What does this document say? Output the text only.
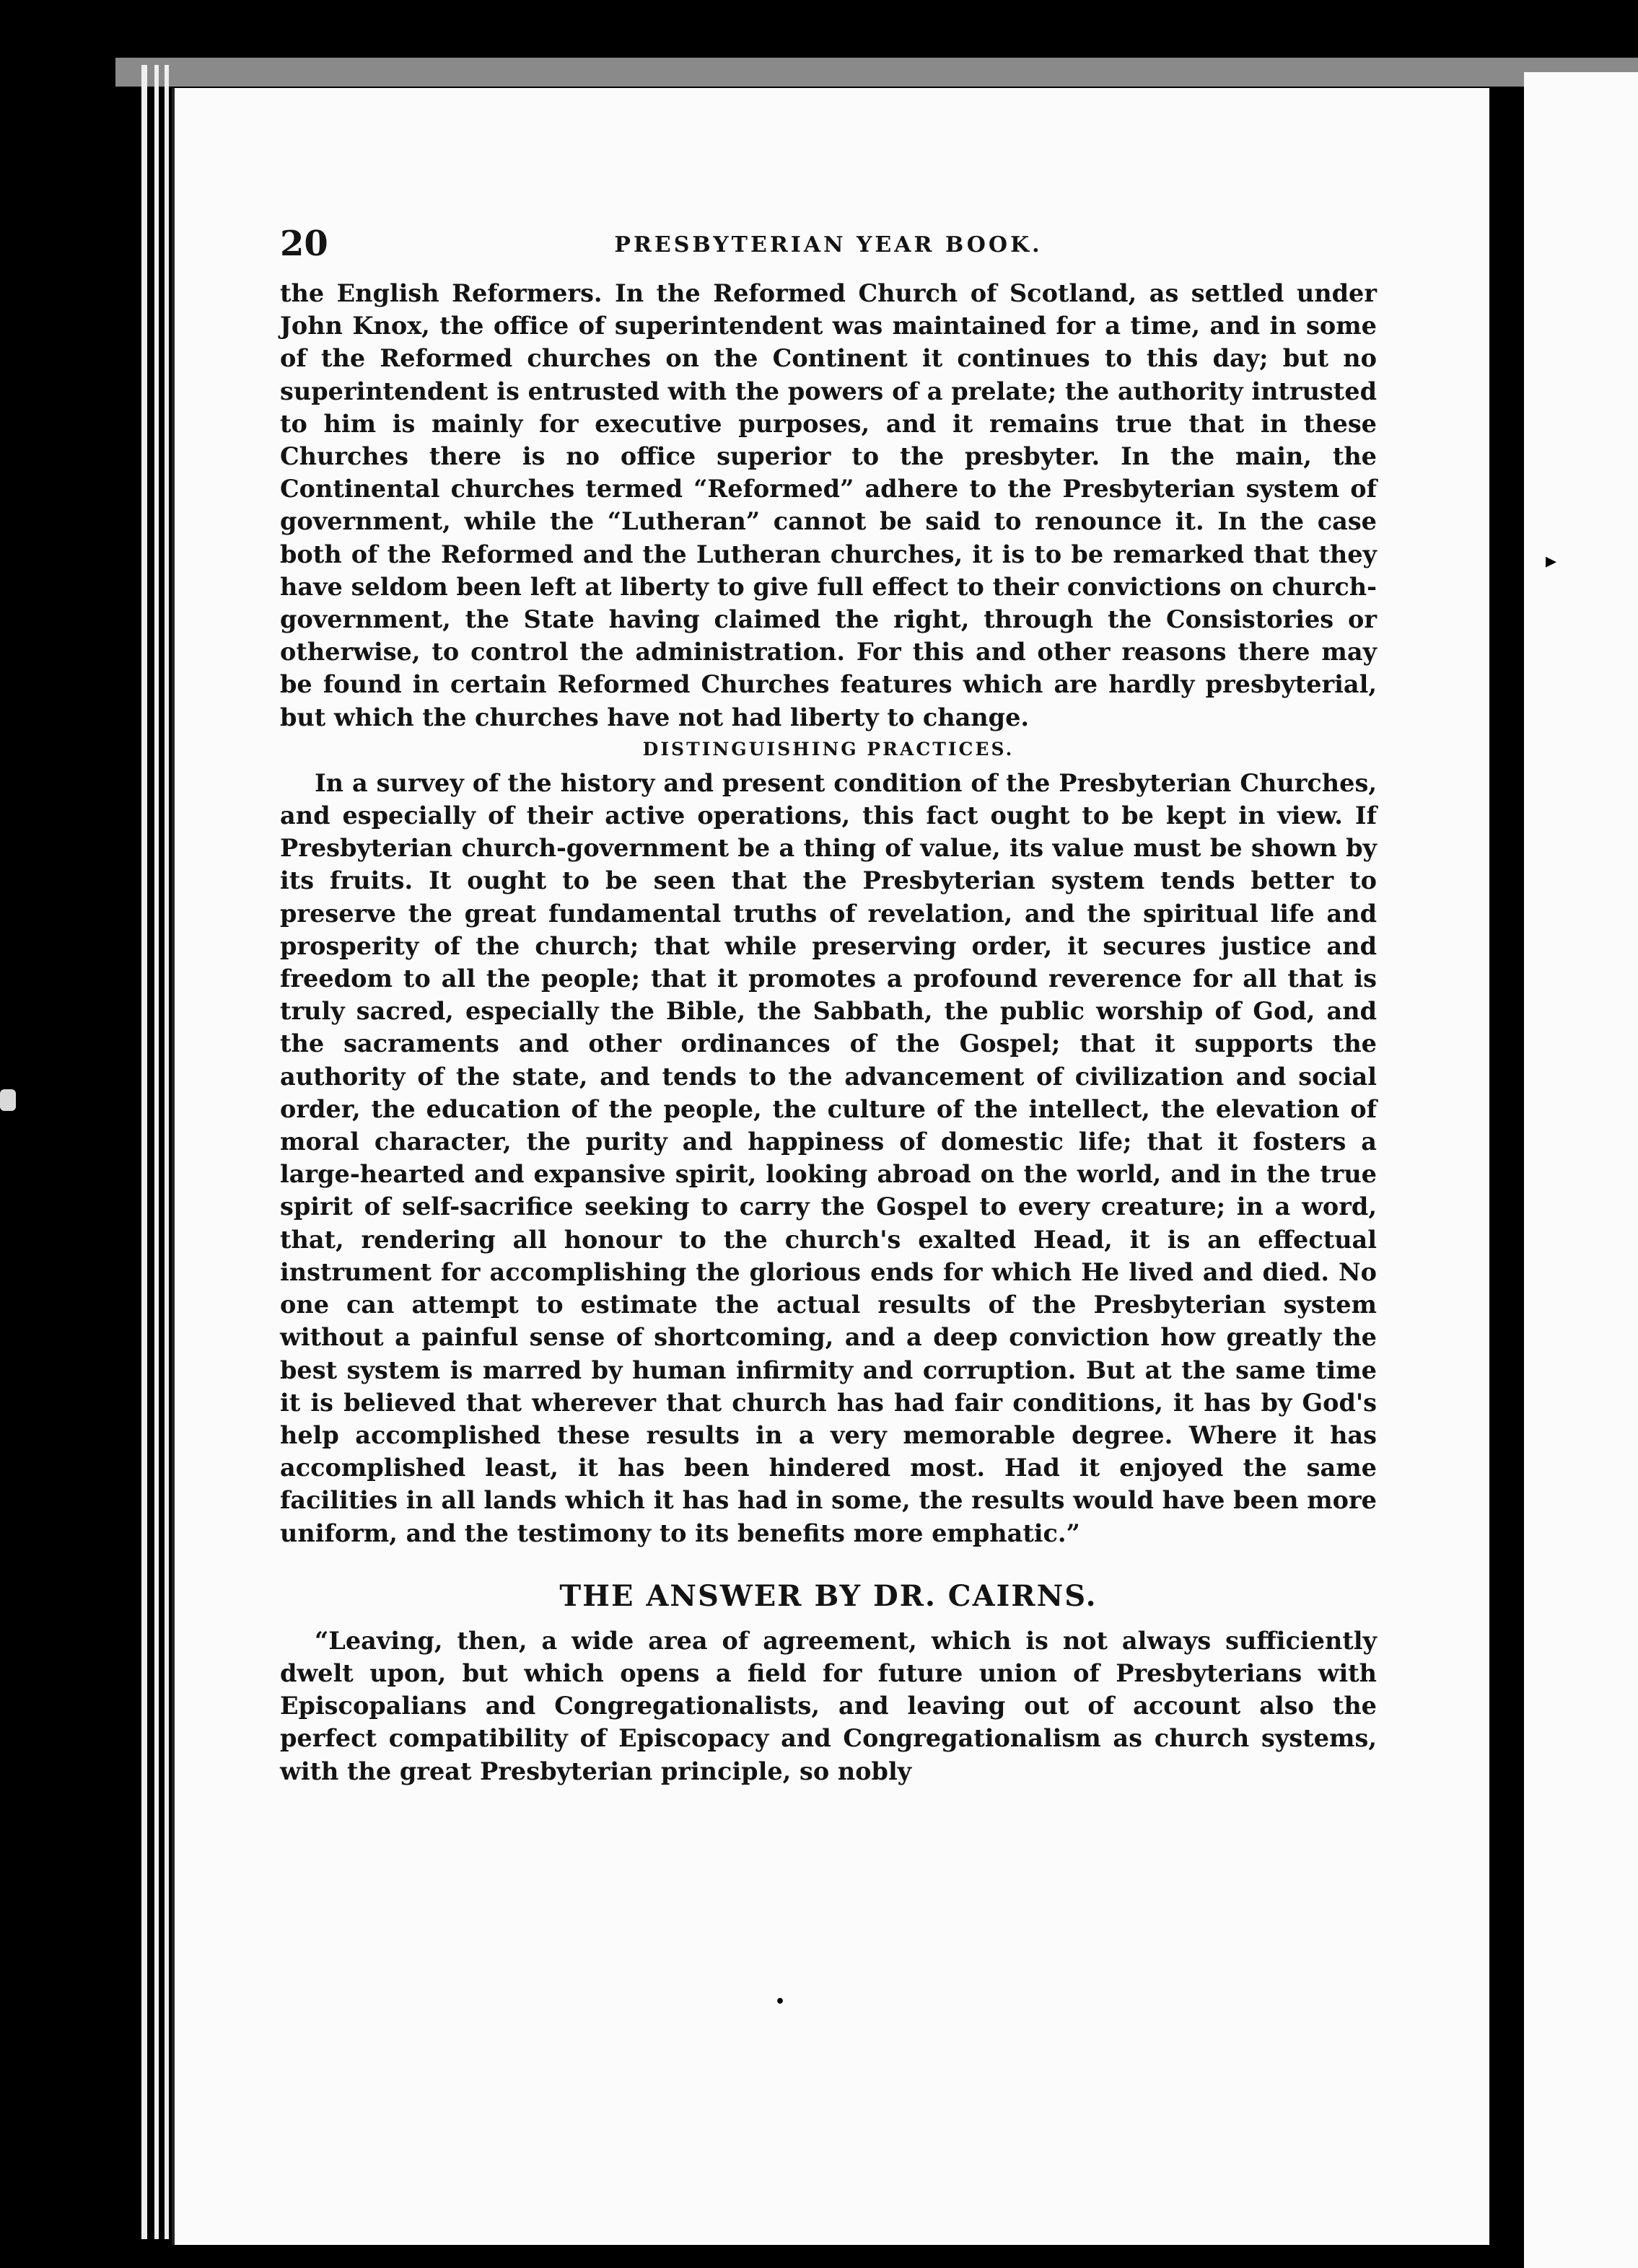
20	PRESBYTERIAN YEAR BOOK.

the English Reformers. In the Reformed Church of Scotland, as settled under John Knox, the office of superintendent was maintained for a time, and in some of the Reformed churches on the Continent it continues to this day; but no superintendent is entrusted with the powers of a prelate; the authority intrusted to him is mainly for executive purposes, and it remains true that in these Churches there is no office superior to the presbyter. In the main, the Continental churches termed “Reformed” adhere to the Presbyterian system of government, while the “Lutheran” cannot be said to renounce it. In the case both of the Reformed and the Lutheran churches, it is to be remarked that they have seldom been left at liberty to give full effect to their convictions on church-government, the State having claimed the right, through the Consistories or otherwise, to control the administration. For this and other reasons there may be found in certain Reformed Churches features which are hardly presbyterial, but which the churches have not had liberty to change.

DISTINGUISHING PRACTICES.

In a survey of the history and present condition of the Presbyterian Churches, and especially of their active operations, this fact ought to be kept in view. If Presbyterian church-government be a thing of value, its value must be shown by its fruits. It ought to be seen that the Presbyterian system tends better to preserve the great fundamental truths of revelation, and the spiritual life and prosperity of the church; that while preserving order, it secures justice and freedom to all the people; that it promotes a profound reverence for all that is truly sacred, especially the Bible, the Sabbath, the public worship of God, and the sacraments and other ordinances of the Gospel; that it supports the authority of the state, and tends to the advancement of civilization and social order, the education of the people, the culture of the intellect, the elevation of moral character, the purity and happiness of domestic life; that it fosters a large-hearted and expansive spirit, looking abroad on the world, and in the true spirit of self-sacrifice seeking to carry the Gospel to every creature; in a word, that, rendering all honour to the church's exalted Head, it is an effectual instrument for accomplishing the glorious ends for which He lived and died. No one can attempt to estimate the actual results of the Presbyterian system without a painful sense of shortcoming, and a deep conviction how greatly the best system is marred by human infirmity and corruption. But at the same time it is believed that wherever that church has had fair conditions, it has by God's help accomplished these results in a very memorable degree. Where it has accomplished least, it has been hindered most. Had it enjoyed the same facilities in all lands which it has had in some, the results would have been more uniform, and the testimony to its benefits more emphatic.”

THE ANSWER BY DR. CAIRNS.

“Leaving, then, a wide area of agreement, which is not always sufficiently dwelt upon, but which opens a field for future union of Presbyterians with Episcopalians and Congregationalists, and leaving out of account also the perfect compatibility of Episcopacy and Congregationalism as church systems, with the great Presbyterian principle, so nobly

•
▸
